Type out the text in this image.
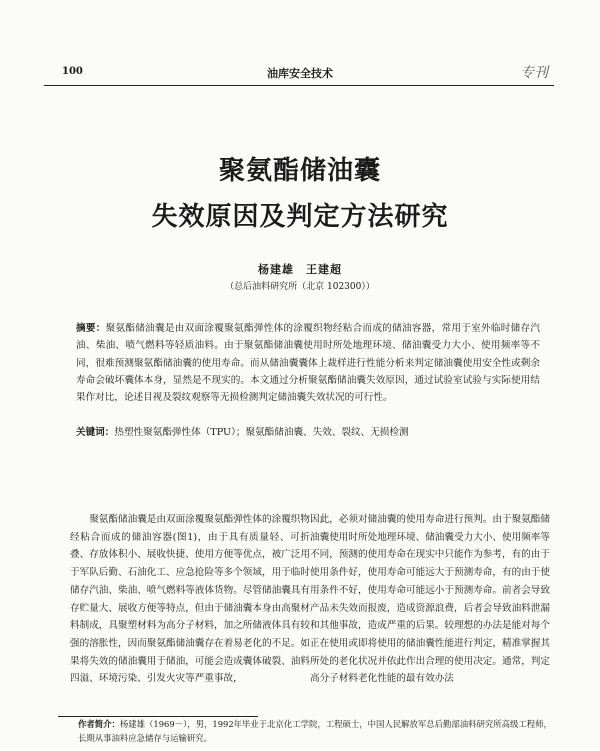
100	油库安全技术	专刊
聚氨酯储油囊
失效原因及判定方法研究
杨建雄　王建超
（总后油料研究所（北京 102300））
摘要：聚氨酯储油囊是由双面涂覆聚氨酯弹性体的涂覆织物经粘合而成的储油容器，常用于室外临时储存汽油、柴油、喷气燃料等轻质油料。由于聚氨酯储油囊使用时所处地理环境、储油囊受力大小、使用频率等不同，很难预测聚氨酯储油囊的使用寿命。而从储油囊囊体上裁样进行性能分析来判定储油囊使用安全性或剩余寿命会破坏囊体本身，显然是不现实的。本文通过分析聚氨酯储油囊失效原因，通过试验室试验与实际使用结果作对比，论述目视及裂纹观察等无损检测判定储油囊失效状况的可行性。
关键词：热塑性聚氨酯弹性体（TPU）；聚氨酯储油囊、失效、裂纹、无损检测
聚氨酯储油囊是由双面涂覆聚氨酯弹性体的涂覆织物经粘合而成的储油容器(图1)，由于具有质量轻、可折叠、存放体积小、展收快捷、使用方便等优点，被广泛用于军队后勤、石油化工、应急抢险等多个领域，用于临时储存汽油、柴油、喷气燃料等液体货物。尽管储油囊具有存贮量大、展收方便等特点，但由于储油囊本身由高聚材料制成，具聚塑材料为高分子材料，加之所储液体具有较强的溶胀性，因而聚氨酯储油囊存在着易老化的不足。如果将失效的储油囊用于储油，可能会造成囊体破裂、油料四溢、环境污染、引发火灾等严重事故，
因此，必须对储油囊的使用寿命进行预判。由于聚氨酯储油囊使用时所处地理环境、储油囊受力大小、使用频率等不同，预测的使用寿命在现实中只能作为参考，有的由于使用条件好，使用寿命可能远大于预测寿命，有的由于使用条件不好，使用寿命可能远小于预测寿命。前者会导致产品未失效而报废，造成资源浪费，后者会导致油料泄漏和其他事故，造成严重的后果。较理想的办法是能对每个正在使用或即将使用的储油囊性能进行判定，精准掌握其所处的老化状况并依此作出合理的使用决定。通常，判定高分子材料老化性能的最有效办法
作者简介：杨建雄（1969－），男，1992年毕业于北京化工学院，工程硕士，中国人民解放军总后勤部油料研究所高级工程师，长期从事油料应急储存与运输研究。
